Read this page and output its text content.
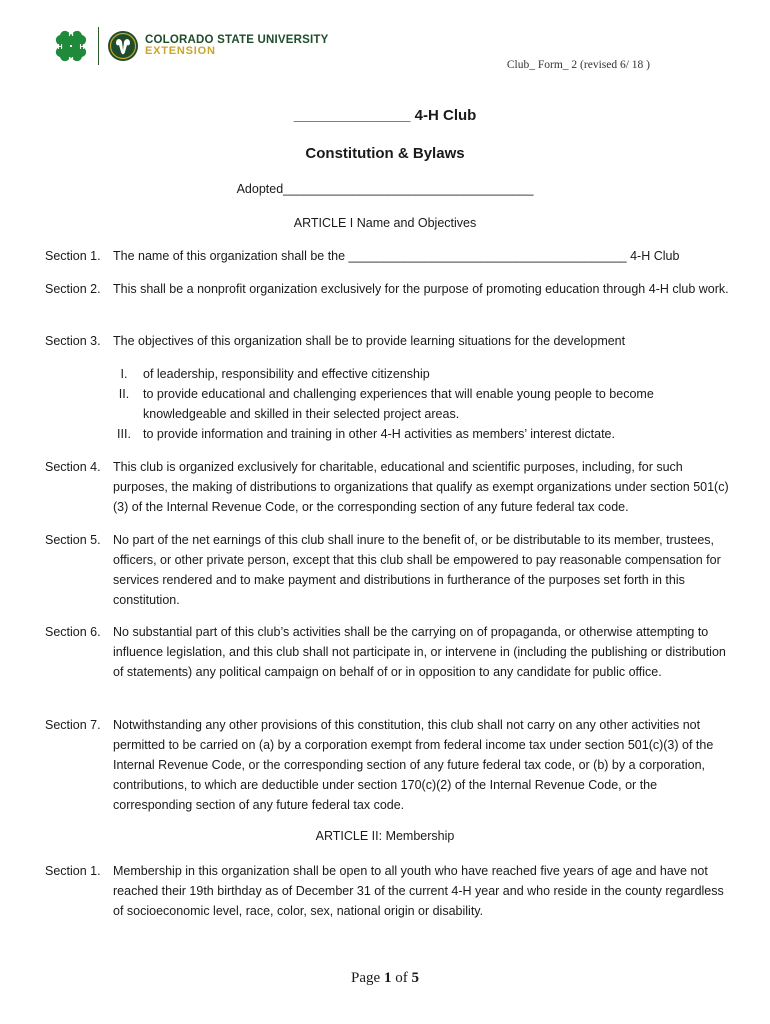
H
H
H
H
COLORADO STATE UNIVERSITY
EXTENSION
Club_ Form_ 2 (revised 6/ 18 )
______________ 4-H Club
Constitution & Bylaws
Adopted____________________________________
ARTICLE I Name and Objectives
Section 1. The name of this organization shall be the ________________________________________ 4-H Club
Section 2. This shall be a nonprofit organization exclusively for the purpose of promoting education through 4-H club work.
Section 3. The objectives of this organization shall be to provide learning situations for the development
I.	of leadership, responsibility and effective citizenship
II.	to provide educational and challenging experiences that will enable young people to become knowledgeable and skilled in their selected project areas.
III. to provide information and training in other 4-H activities as members’ interest dictate.
Section 4. This club is organized exclusively for charitable, educational and scientific purposes, including, for such purposes, the making of distributions to organizations that qualify as exempt organizations under section 501(c)(3) of the Internal Revenue Code, or the corresponding section of any future federal tax code.
Section 5. No part of the net earnings of this club shall inure to the benefit of, or be distributable to its member, trustees, officers, or other private person, except that this club shall be empowered to pay reasonable compensation for services rendered and to make payment and distributions in furtherance of the purposes set forth in this constitution.
Section 6. No substantial part of this club’s activities shall be the carrying on of propaganda, or otherwise attempting to influence legislation, and this club shall not participate in, or intervene in (including the publishing or distribution of statements) any political campaign on behalf of or in opposition to any candidate for public office.
Section 7. Notwithstanding any other provisions of this constitution, this club shall not carry on any other activities not permitted to be carried on (a) by a corporation exempt from federal income tax under section 501(c)(3) of the Internal Revenue Code, or the corresponding section of any future federal tax code, or (b) by a corporation, contributions, to which are deductible under section 170(c)(2) of the Internal Revenue Code, or the corresponding section of any future federal tax code.
ARTICLE II: Membership
Section 1. Membership in this organization shall be open to all youth who have reached five years of age and have not reached their 19th birthday as of December 31 of the current 4-H year and who reside in the county regardless of socioeconomic level, race, color, sex, national origin or disability.
Page 1 of 5
